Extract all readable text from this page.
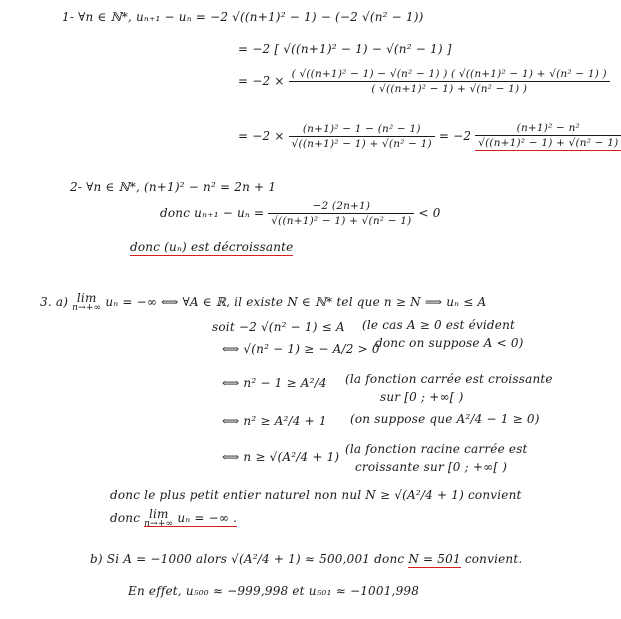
1- ∀n ∈ ℕ*, uₙ₊₁ − uₙ = −2 √((n+1)² − 1) − (−2 √(n² − 1))
= −2 [ √((n+1)² − 1) − √(n² − 1) ]
= $-2 \times \frac{\text{( √((n+1)² − 1) − √(n² − 1) ) ( √((n+1)² − 1) + √(n² − 1) )}}{\text{( √((n+1)² − 1) + √(n² − 1) )}}$
= $-2 \times \frac{\text{(n+1)² − 1 − (n² − 1)}}{\text{√((n+1)² − 1) + √(n² − 1)}} = -2 \frac{\text{(n+1)² − n²}}{\text{√((n+1)² − 1) + √(n² − 1)}}$
2- ∀n ∈ ℕ*, (n+1)² − n² = 2n + 1
donc $u_{n+1} - u_n = \frac{-2 (2n+1)}{\text{√((n+1)² − 1) + √(n² − 1)}} < 0$
donc (uₙ) est décroissante
3. a) lim
n→+∞ uₙ = −∞ ⟺ ∀A ∈ ℝ, il existe N ∈ ℕ* tel que n ≥ N ⟹ uₙ ≤ A
soit −2 √(n² − 1) ≤ A (le cas A ≥ 0 est évident
⟺ √(n² − 1) ≥ − A/2 > 0
donc on suppose A < 0)
⟺ n² − 1 ≥ A²/4 (la fonction carrée est croissante
sur [0 ; +∞[ )
⟺ n² ≥ A²/4 + 1 (on suppose que A²/4 − 1 ≥ 0)
⟺ n ≥ √(A²/4 + 1)
(la fonction racine carrée est
croissante sur [0 ; +∞[ )
donc le plus petit entier naturel non nul N ≥ √(A²/4 + 1) convient
donc lim
n→+∞ uₙ = −∞ .
b) Si A = −1000 alors √(A²/4 + 1) ≈ 500,001 donc N = 501 convient.
En effet, u₅₀₀ ≈ −999,998 et u₅₀₁ ≈ −1001,998
